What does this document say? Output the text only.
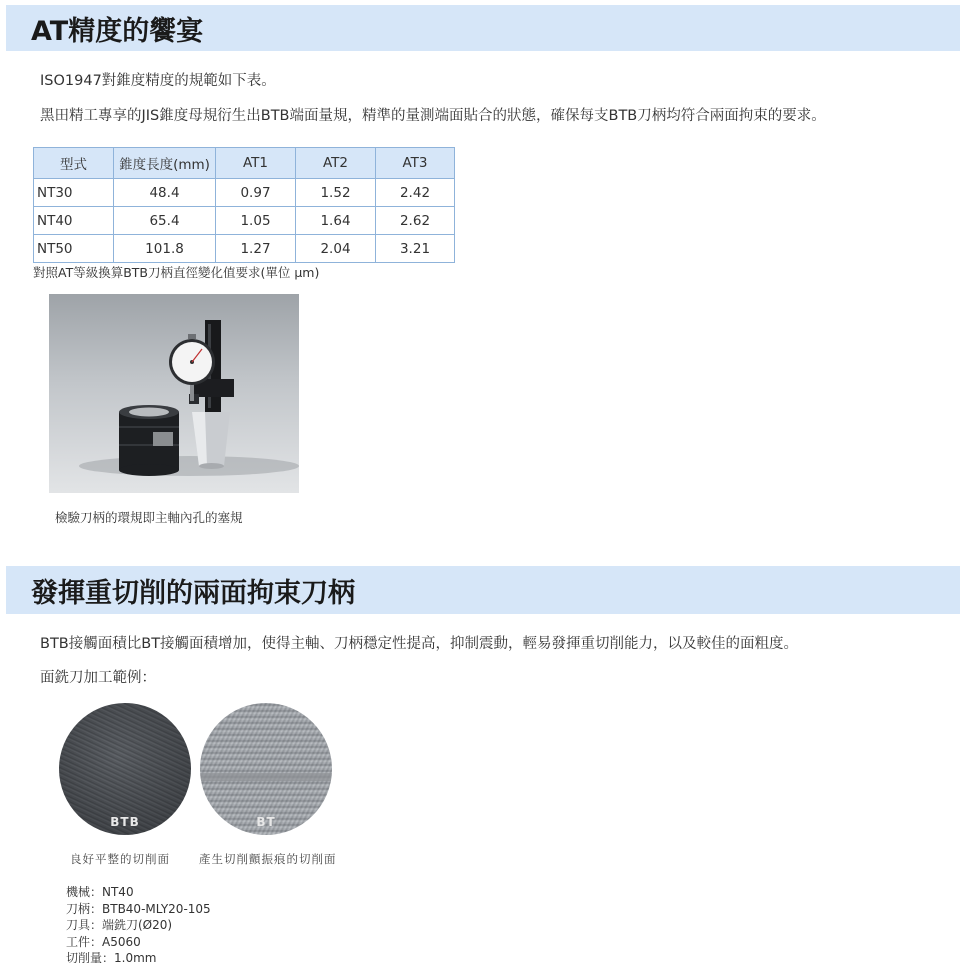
AT精度的饗宴
ISO1947對錐度精度的規範如下表。
黑田精工專享的JIS錐度母規衍生出BTB端面量規，精準的量測端面貼合的狀態，確保每支BTB刀柄均符合兩面拘束的要求。
型式	錐度長度(mm)	AT1	AT2	AT3
NT30	48.4	0.97	1.52	2.42
NT40	65.4	1.05	1.64	2.62
NT50	101.8	1.27	2.04	3.21
對照AT等級換算BTB刀柄直徑變化值要求(單位 μm)
檢驗刀柄的環規即主軸內孔的塞規
發揮重切削的兩面拘束刀柄
BTB接觸面積比BT接觸面積增加，使得主軸、刀柄穩定性提高，抑制震動，輕易發揮重切削能力，以及較佳的面粗度。
面銑刀加工範例：
BTB	BT
良好平整的切削面	產生切削顫振痕的切削面
機械：NT40
刀柄：BTB40-MLY20-105
刀具：端銑刀(Ø20)
工件：A5060
切削量：1.0mm
